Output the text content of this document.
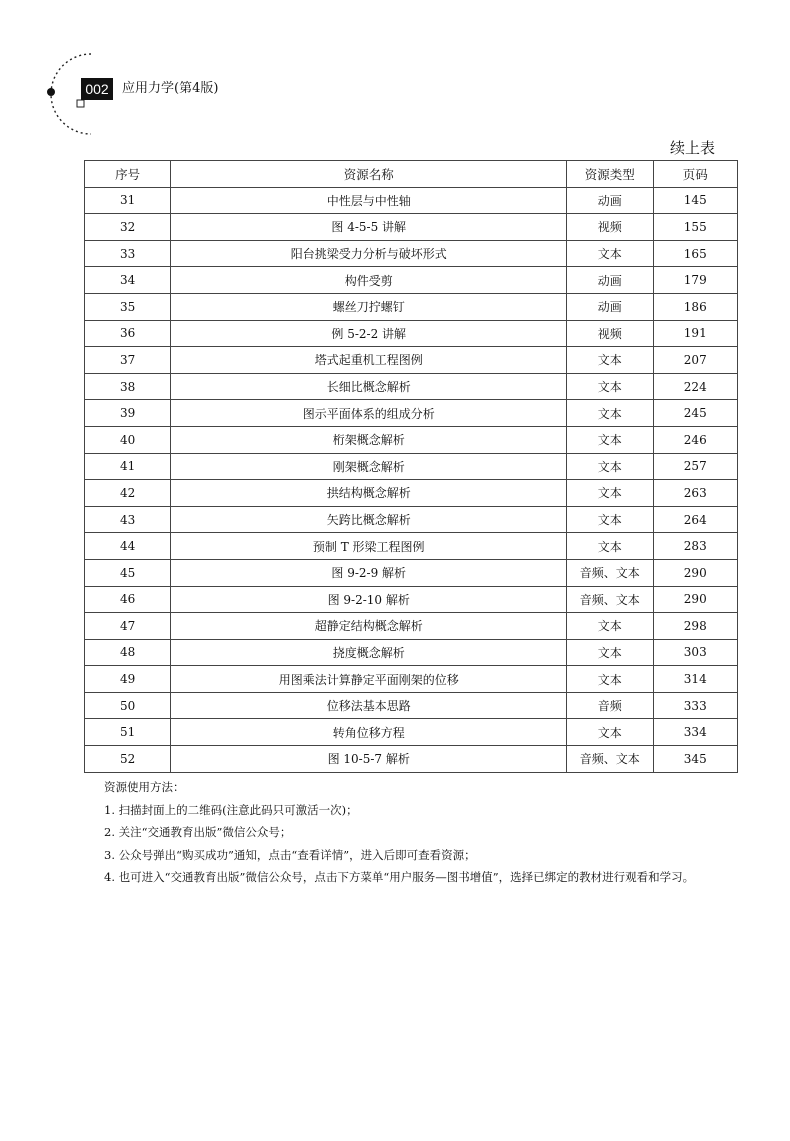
002	应用力学(第4版)
续上表
序号	资源名称	资源类型	页码
31	中性层与中性轴	动画	145
32	图 4-5-5 讲解	视频	155
33	阳台挑梁受力分析与破坏形式	文本	165
34	构件受剪	动画	179
35	螺丝刀拧螺钉	动画	186
36	例 5-2-2 讲解	视频	191
37	塔式起重机工程图例	文本	207
38	长细比概念解析	文本	224
39	图示平面体系的组成分析	文本	245
40	桁架概念解析	文本	246
41	刚架概念解析	文本	257
42	拱结构概念解析	文本	263
43	矢跨比概念解析	文本	264
44	预制 T 形梁工程图例	文本	283
45	图 9-2-9 解析	音频、文本	290
46	图 9-2-10 解析	音频、文本	290
47	超静定结构概念解析	文本	298
48	挠度概念解析	文本	303
49	用图乘法计算静定平面刚架的位移	文本	314
50	位移法基本思路	音频	333
51	转角位移方程	文本	334
52	图 10-5-7 解析	音频、文本	345

资源使用方法：

1. 扫描封面上的二维码(注意此码只可激活一次)；

2. 关注“交通教育出版”微信公众号；

3. 公众号弹出“购买成功”通知，点击“查看详情”，进入后即可查看资源；

4. 也可进入“交通教育出版”微信公众号，点击下方菜单“用户服务—图书增值”，选择已绑定的教材进行观看和学习。
